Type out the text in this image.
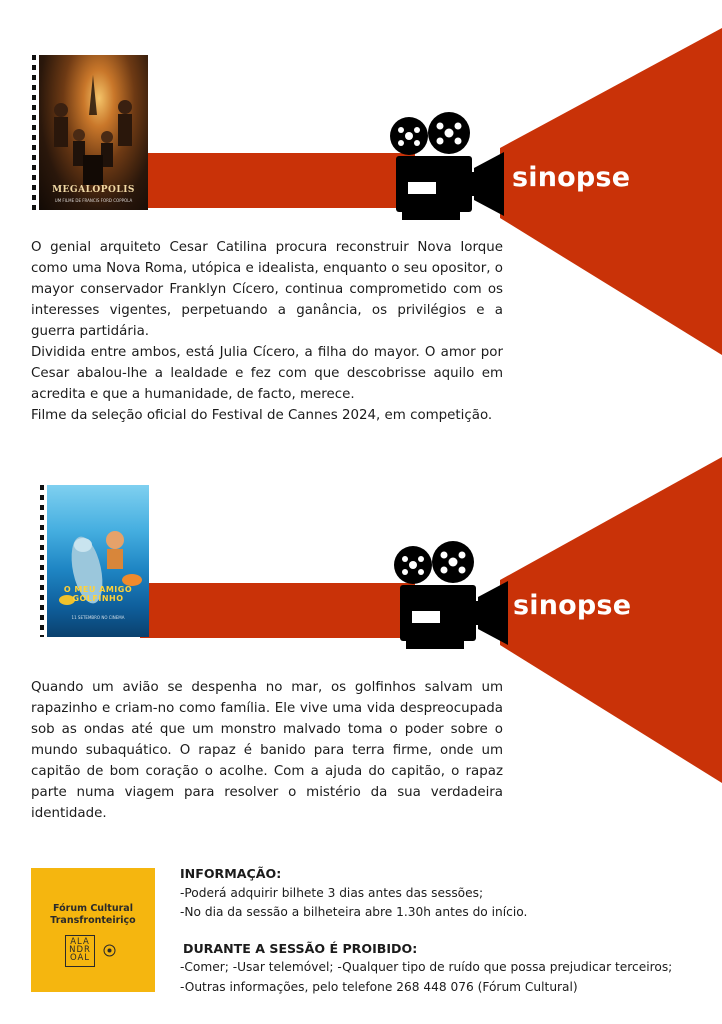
MEGALOPOLIS
UM FILME DE FRANCIS FORD COPPOLA
sinopse

O genial arquiteto Cesar Catilina procura reconstruir Nova Iorque como uma Nova Roma, utópica e idealista, enquanto o seu opositor, o mayor conservador Franklyn Cícero, continua comprometido com os interesses vigentes, perpetuando a ganância, os privilégios e a guerra partidária.

Dividida entre ambos, está Julia Cícero, a filha do mayor. O amor por Cesar abalou-lhe a lealdade e fez com que descobrisse aquilo em acredita e que a humanidade, de facto, merece.

Filme da seleção oficial do Festival de Cannes 2024, em competição.

O MEU AMIGO GOLFINHO
11 SETEMBRO NO CINEMA	sinopse

Quando um avião se despenha no mar, os golfinhos salvam um rapazinho e criam-no como família. Ele vive uma vida despreocupada sob as ondas até que um monstro malvado toma o poder sobre o mundo subaquático. O rapaz é banido para terra firme, onde um capitão de bom coração o acolhe. Com a ajuda do capitão, o rapaz parte numa viagem para resolver o mistério da sua verdadeira identidade.

Fórum Cultural
Transfronteiriço
ALA
NDR
OAL
INFORMAÇÃO:
-Poderá adquirir bilhete 3 dias antes das sessões;
-No dia da sessão a bilheteira abre 1.30h antes do início.
DURANTE A SESSÃO É PROIBIDO:
-Comer; -Usar telemóvel; -Qualquer tipo de ruído que possa prejudicar terceiros;
-Outras informações, pelo telefone 268 448 076 (Fórum Cultural)
